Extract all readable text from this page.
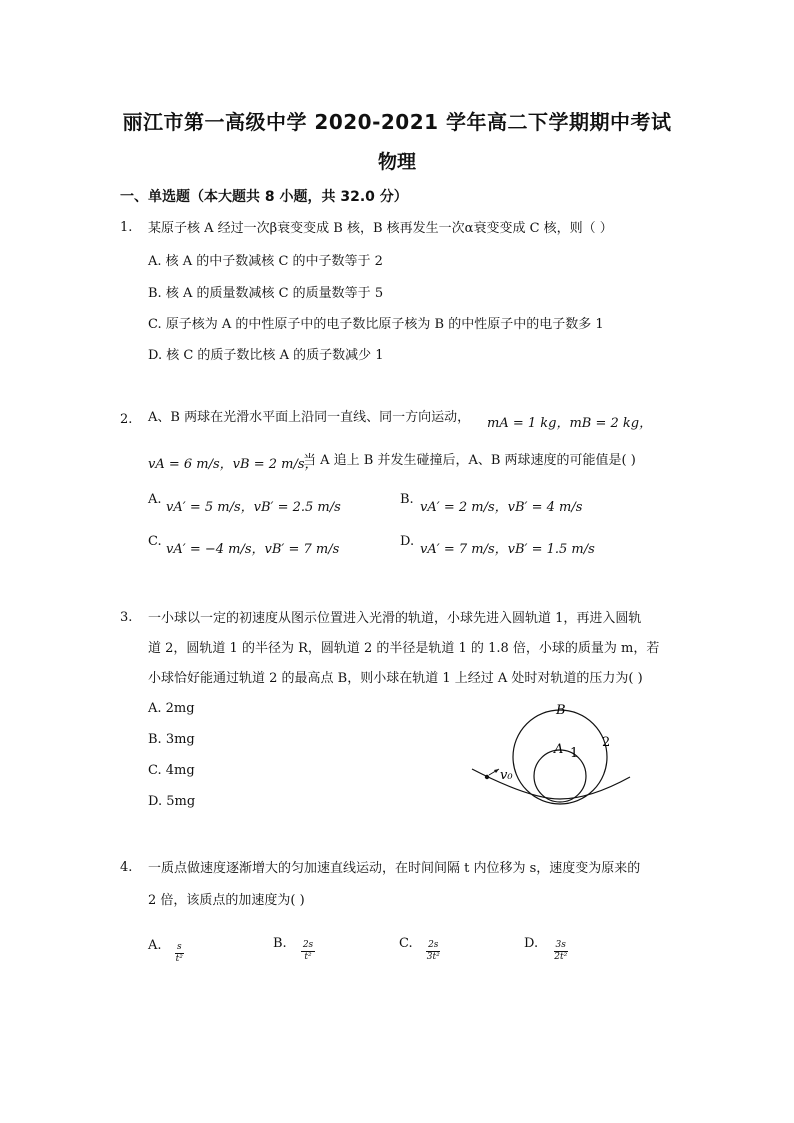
丽江市第一高级中学 2020-2021 学年高二下学期期中考试
物理
一、单选题（本大题共 8 小题，共 32.0 分）
1. 某原子核 A 经过一次β衰变变成 B 核，B 核再发生一次α衰变变成 C 核，则（ ）
A. 核 A 的中子数减核 C 的中子数等于 2
B. 核 A 的质量数减核 C 的质量数等于 5
C. 原子核为 A 的中性原子中的电子数比原子核为 B 的中性原子中的电子数多 1
D. 核 C 的质子数比核 A 的质子数减少 1
2. A、B 两球在光滑水平面上沿同一直线、同一方向运动， mA = 1 kg，mB = 2 kg，
vA = 6 m/s，vB = 2 m/s，
当 A 追上 B 并发生碰撞后，A、B 两球速度的可能值是( )
A.
vA′ = 5 m/s，vB′ = 2.5 m/s
B.
vA′ = 2 m/s，vB′ = 4 m/s
C.
vA′ = −4 m/s，vB′ = 7 m/s
D.
vA′ = 7 m/s，vB′ = 1.5 m/s
3. 一小球以一定的初速度从图示位置进入光滑的轨道，小球先进入圆轨道 1，再进入圆轨
道 2，圆轨道 1 的半径为 R，圆轨道 2 的半径是轨道 1 的 1.8 倍，小球的质量为 m，若
小球恰好能通过轨道 2 的最高点 B，则小球在轨道 1 上经过 A 处时对轨道的压力为( )
A. 2mg
B. 3mg
C. 4mg
D. 5mg
B
A 1
2
v₀
4. 一质点做速度逐渐增大的匀加速直线运动，在时间间隔 t 内位移为 s，速度变为原来的
2 倍，该质点的加速度为( )
A. $\frac{s}{\text{t²}}$	B. $\frac{2s}{\text{t²}}$	C. $\frac{2s}{\text{3t²}}$	D. $\frac{3s}{\text{2t²}}$
